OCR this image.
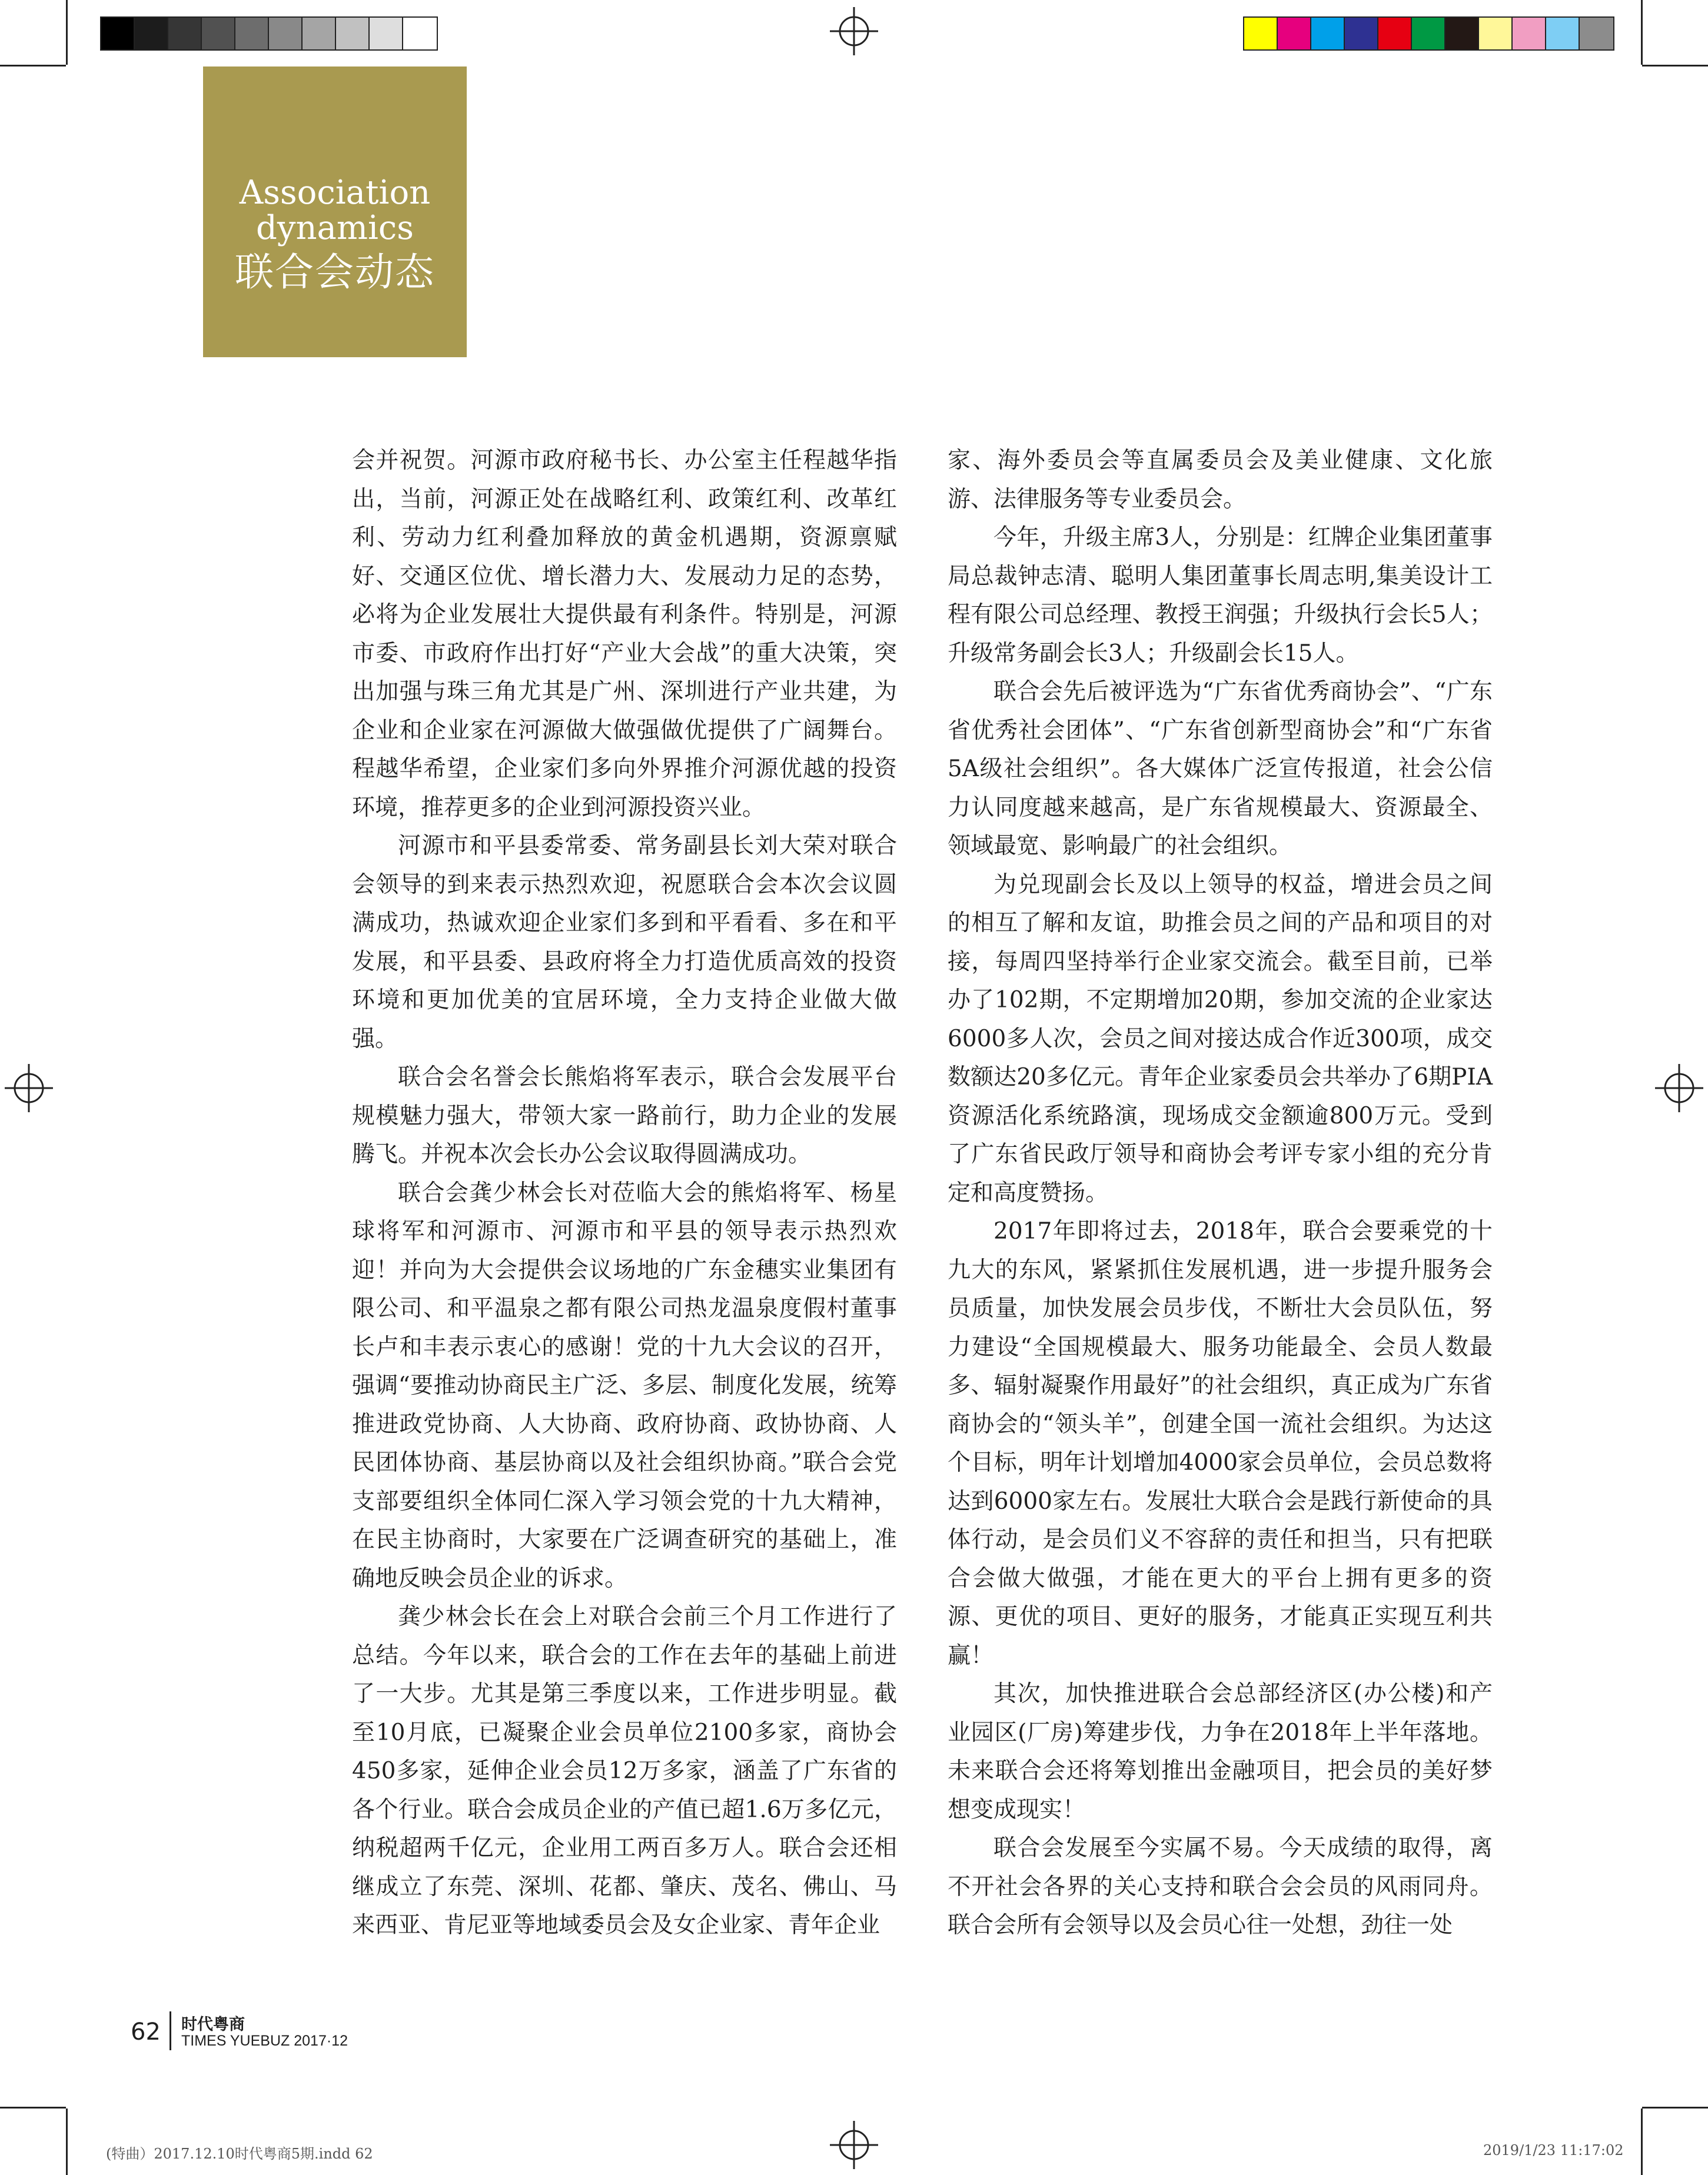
Association
dynamics
联合会动态

会并祝贺。河源市政府秘书长、办公室主任程越华指出，当前，河源正处在战略红利、政策红利、改革红利、劳动力红利叠加释放的黄金机遇期，资源禀赋好、交通区位优、增长潜力大、发展动力足的态势，必将为企业发展壮大提供最有利条件。特别是，河源市委、市政府作出打好“产业大会战”的重大决策，突出加强与珠三角尤其是广州、深圳进行产业共建，为企业和企业家在河源做大做强做优提供了广阔舞台。程越华希望，企业家们多向外界推介河源优越的投资环境，推荐更多的企业到河源投资兴业。

河源市和平县委常委、常务副县长刘大荣对联合会领导的到来表示热烈欢迎，祝愿联合会本次会议圆满成功，热诚欢迎企业家们多到和平看看、多在和平发展，和平县委、县政府将全力打造优质高效的投资环境和更加优美的宜居环境，全力支持企业做大做强。

联合会名誉会长熊焰将军表示，联合会发展平台规模魅力强大，带领大家一路前行，助力企业的发展腾飞。并祝本次会长办公会议取得圆满成功。

联合会龚少林会长对莅临大会的熊焰将军、杨星球将军和河源市、河源市和平县的领导表示热烈欢迎！并向为大会提供会议场地的广东金穗实业集团有限公司、和平温泉之都有限公司热龙温泉度假村董事长卢和丰表示衷心的感谢！党的十九大会议的召开，强调“要推动协商民主广泛、多层、制度化发展，统筹推进政党协商、人大协商、政府协商、政协协商、人民团体协商、基层协商以及社会组织协商。”联合会党支部要组织全体同仁深入学习领会党的十九大精神，在民主协商时，大家要在广泛调查研究的基础上，准确地反映会员企业的诉求。

龚少林会长在会上对联合会前三个月工作进行了总结。今年以来，联合会的工作在去年的基础上前进了一大步。尤其是第三季度以来，工作进步明显。截至10月底，已凝聚企业会员单位2100多家，商协会450多家，延伸企业会员12万多家，涵盖了广东省的各个行业。联合会成员企业的产值已超1.6万多亿元，纳税超两千亿元，企业用工两百多万人。联合会还相继成立了东莞、深圳、花都、肇庆、茂名、佛山、马来西亚、肯尼亚等地域委员会及女企业家、青年企业

家、海外委员会等直属委员会及美业健康、文化旅游、法律服务等专业委员会。

今年，升级主席3人，分别是：红牌企业集团董事局总裁钟志清、聪明人集团董事长周志明,集美设计工程有限公司总经理、教授王润强；升级执行会长5人；升级常务副会长3人；升级副会长15人。

联合会先后被评选为“广东省优秀商协会”、“广东省优秀社会团体”、“广东省创新型商协会”和“广东省5A级社会组织”。各大媒体广泛宣传报道，社会公信力认同度越来越高，是广东省规模最大、资源最全、领域最宽、影响最广的社会组织。

为兑现副会长及以上领导的权益，增进会员之间的相互了解和友谊，助推会员之间的产品和项目的对接，每周四坚持举行企业家交流会。截至目前，已举办了102期，不定期增加20期，参加交流的企业家达6000多人次，会员之间对接达成合作近300项，成交数额达20多亿元。青年企业家委员会共举办了6期PIA资源活化系统路演，现场成交金额逾800万元。受到了广东省民政厅领导和商协会考评专家小组的充分肯定和高度赞扬。

2017年即将过去，2018年，联合会要乘党的十九大的东风，紧紧抓住发展机遇，进一步提升服务会员质量，加快发展会员步伐，不断壮大会员队伍，努力建设“全国规模最大、服务功能最全、会员人数最多、辐射凝聚作用最好”的社会组织，真正成为广东省商协会的“领头羊”，创建全国一流社会组织。为达这个目标，明年计划增加4000家会员单位，会员总数将达到6000家左右。发展壮大联合会是践行新使命的具体行动，是会员们义不容辞的责任和担当，只有把联合会做大做强，才能在更大的平台上拥有更多的资源、更优的项目、更好的服务，才能真正实现互利共赢！

其次，加快推进联合会总部经济区(办公楼)和产业园区(厂房)筹建步伐，力争在2018年上半年落地。未来联合会还将筹划推出金融项目，把会员的美好梦想变成现实！

联合会发展至今实属不易。今天成绩的取得，离不开社会各界的关心支持和联合会会员的风雨同舟。联合会所有会领导以及会员心往一处想，劲往一处

62 时代粤商
TIMES YUEBUZ 2017·12
(特曲）2017.12.10时代粤商5期.indd 62	2019/1/23 11:17:02
